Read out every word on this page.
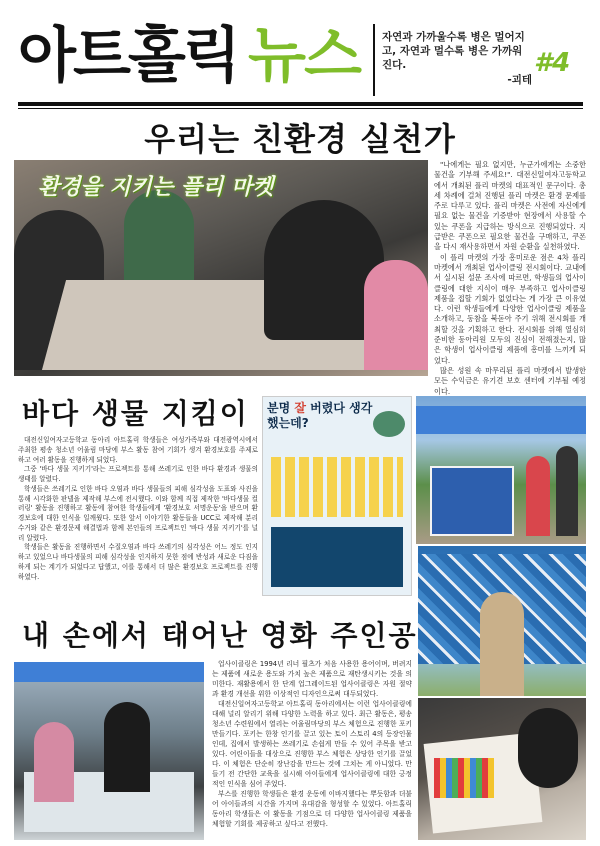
아트홀릭 뉴스 자연과 가까울수록 병은 멀어지고, 자연과 멀수록 병은 가까워진다.
-괴테
#4
우리는 친환경 실천가
환경을 지키는 플리 마켓

"나에게는 필요 없지만, 누군가에게는 소중한 물건을 기부해 주세요!". 대전신일여자고등학교에서 개최된 플리 마켓의 대표적인 문구이다. 총 세 차례에 걸쳐 진행된 플리 마켓은 환경 문제를 주로 다루고 있다. 플리 마켓은 사전에 자신에게 필요 없는 물건을 기증받아 현장에서 사용할 수 있는 쿠폰을 지급하는 방식으로 진행되었다. 지급받은 쿠폰으로 필요한 물건을 구매하고, 쿠폰을 다시 재사용하면서 자원 순환을 실천하였다.

이 플리 마켓의 가장 흥미로운 점은 4차 플리 마켓에서 개최된 업사이클링 전시회이다. 교내에서 실시된 설문 조사에 따르면, 학생들의 업사이클링에 대한 지식이 매우 부족하고 업사이클링 제품을 접할 기회가 없었다는 게 가장 큰 이유였다. 이런 학생들에게 다양한 업사이클링 제품을 소개하고, 동참을 북돋아 주기 위해 전시회를 개최할 것을 기획하고 한다. 전시회를 위해 열심히 준비한 동아리원 모두의 진심이 전해졌는지, 많은 학생이 업사이클링 제품에 흥미를 느끼게 되었다.

많은 성원 속 마무리된 플리 마켓에서 발생한 모든 수익금은 유기견 보호 센터에 기부될 예정이다.

바다 생물 지킴이

대전신일여자고등학교 동아리 아트홀릭 학생들은 여성가족부와 대전광역시에서 주최한 평송 청소년 어울림 마당에 부스 활동 참여 기회가 생겨 환경보호를 주제로 하고 여러 활동을 진행하게 되었다.

그중 '바다 생물 지키기'라는 프로젝트를 통해 쓰레기로 인한 바다 환경과 생물의 생태를 알렸다.

학생들은 쓰레기로 인한 바다 오염과 바다 생물들의 피해 심각성을 도표와 사진을 통해 시각화한 판넬을 제작해 부스에 전시했다. 이와 함께 직접 제작한 '바다생물 컬러링' 활동을 진행하고 활동에 참여한 학생들에게 '환경보호 서명운동'을 받으며 환경보호에 대한 인식을 일깨웠다. 또한 앞서 이야기한 활동들을 UCC로 제작해 분리수거와 같은 환경문제 해결법과 함께 본인들의 프로젝트인 '바다 생물 지키기'를 널리 알렸다.

학생들은 활동을 진행하면서 수질오염과 바다 쓰레기의 심각성은 어느 정도 인지하고 있었으나 바다생물의 피해 심각성을 인지하지 못한 점에 반성과 새로운 다짐을 하게 되는 계기가 되었다고 답했고, 이를 통해서 더 많은 환경보호 프로젝트를 진행하였다.

분명 잘 버렸다 생각했는데?
내 손에서 태어난 영화 주인공

업사이클링은 1994년 리너 필츠가 처음 사용한 용어이며, 버려지는 제품에 새로운 용도와 가치 높은 제품으로 재탄생시키는 것을 의미한다. 재활용에서 한 단계 업그레이드된 업사이클링은 자원 절약과 환경 개선을 위한 이상적인 디자인으로써 대두되었다.

대전신일여자고등학교 아트홀릭 동아리에서는 이런 업사이클링에 대해 널리 알리기 위해 다양한 노력을 하고 있다. 최근 활동은, 평송 청소년 수련원에서 열리는 어울림마당의 부스 체험으로 진행한 포키 만들기다. 포키는 한창 인기를 끌고 있는 토이 스토리 4의 등장인물인데, 집에서 발생하는 쓰레기로 손쉽게 만들 수 있어 주목을 받고 있다. 어린이들을 대상으로 진행한 부스 체험은 상당한 인기를 끌었다. 이 체험은 단순히 장난감을 만드는 것에 그치는 게 아니었다. 만들기 전 간단한 교육을 실시해 아이들에게 업사이클링에 대한 긍정적인 인식을 심어 주었다.

부스를 진행한 학생들은 환경 운동에 이바지했다는 뿌듯함과 더불어 아이들과의 시간을 가지며 유대감을 형성할 수 있었다. 아트홀릭 동아리 학생들은 이 활동을 기점으로 더 다양한 업사이클링 제품을 체험할 기회를 제공하고 싶다고 전했다.
